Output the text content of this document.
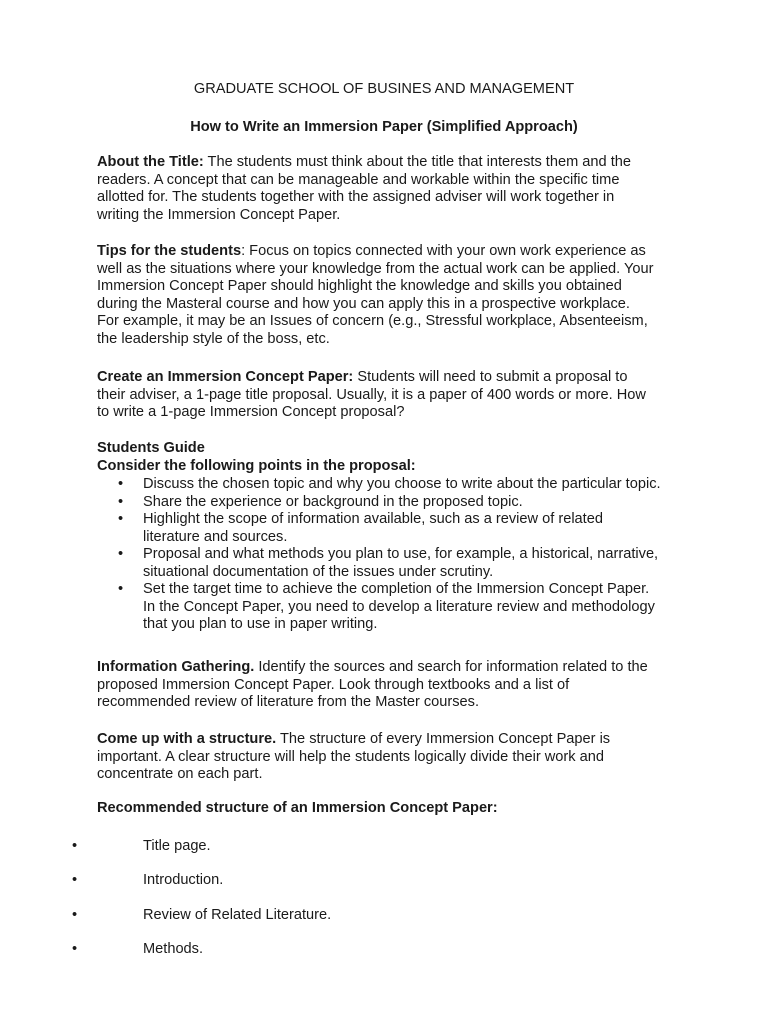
GRADUATE SCHOOL OF BUSINES AND MANAGEMENT
How to Write an Immersion Paper (Simplified Approach)

About the Title: The students must think about the title that interests them and the
readers. A concept that can be manageable and workable within the specific time
allotted for. The students together with the assigned adviser will work together in
writing the Immersion Concept Paper.

Tips for the students: Focus on topics connected with your own work experience as
well as the situations where your knowledge from the actual work can be applied. Your
Immersion Concept Paper should highlight the knowledge and skills you obtained
during the Masteral course and how you can apply this in a prospective workplace.
For example, it may be an Issues of concern (e.g., Stressful workplace, Absenteeism,
the leadership style of the boss, etc.

Create an Immersion Concept Paper: Students will need to submit a proposal to
their adviser, a 1-page title proposal. Usually, it is a paper of 400 words or more. How
to write a 1-page Immersion Concept proposal?

Students Guide
Consider the following points in the proposal:

• Discuss the chosen topic and why you choose to write about the particular topic.
• Share the experience or background in the proposed topic.
• Highlight the scope of information available, such as a review of related
literature and sources.
• Proposal and what methods you plan to use, for example, a historical, narrative,
situational documentation of the issues under scrutiny.
• Set the target time to achieve the completion of the Immersion Concept Paper.
In the Concept Paper, you need to develop a literature review and methodology
that you plan to use in paper writing.

Information Gathering. Identify the sources and search for information related to the
proposed Immersion Concept Paper. Look through textbooks and a list of
recommended review of literature from the Master courses.

Come up with a structure. The structure of every Immersion Concept Paper is
important. A clear structure will help the students logically divide their work and
concentrate on each part.

Recommended structure of an Immersion Concept Paper:

•	Title page.
•	Introduction.
•	Review of Related Literature.
•	Methods.
